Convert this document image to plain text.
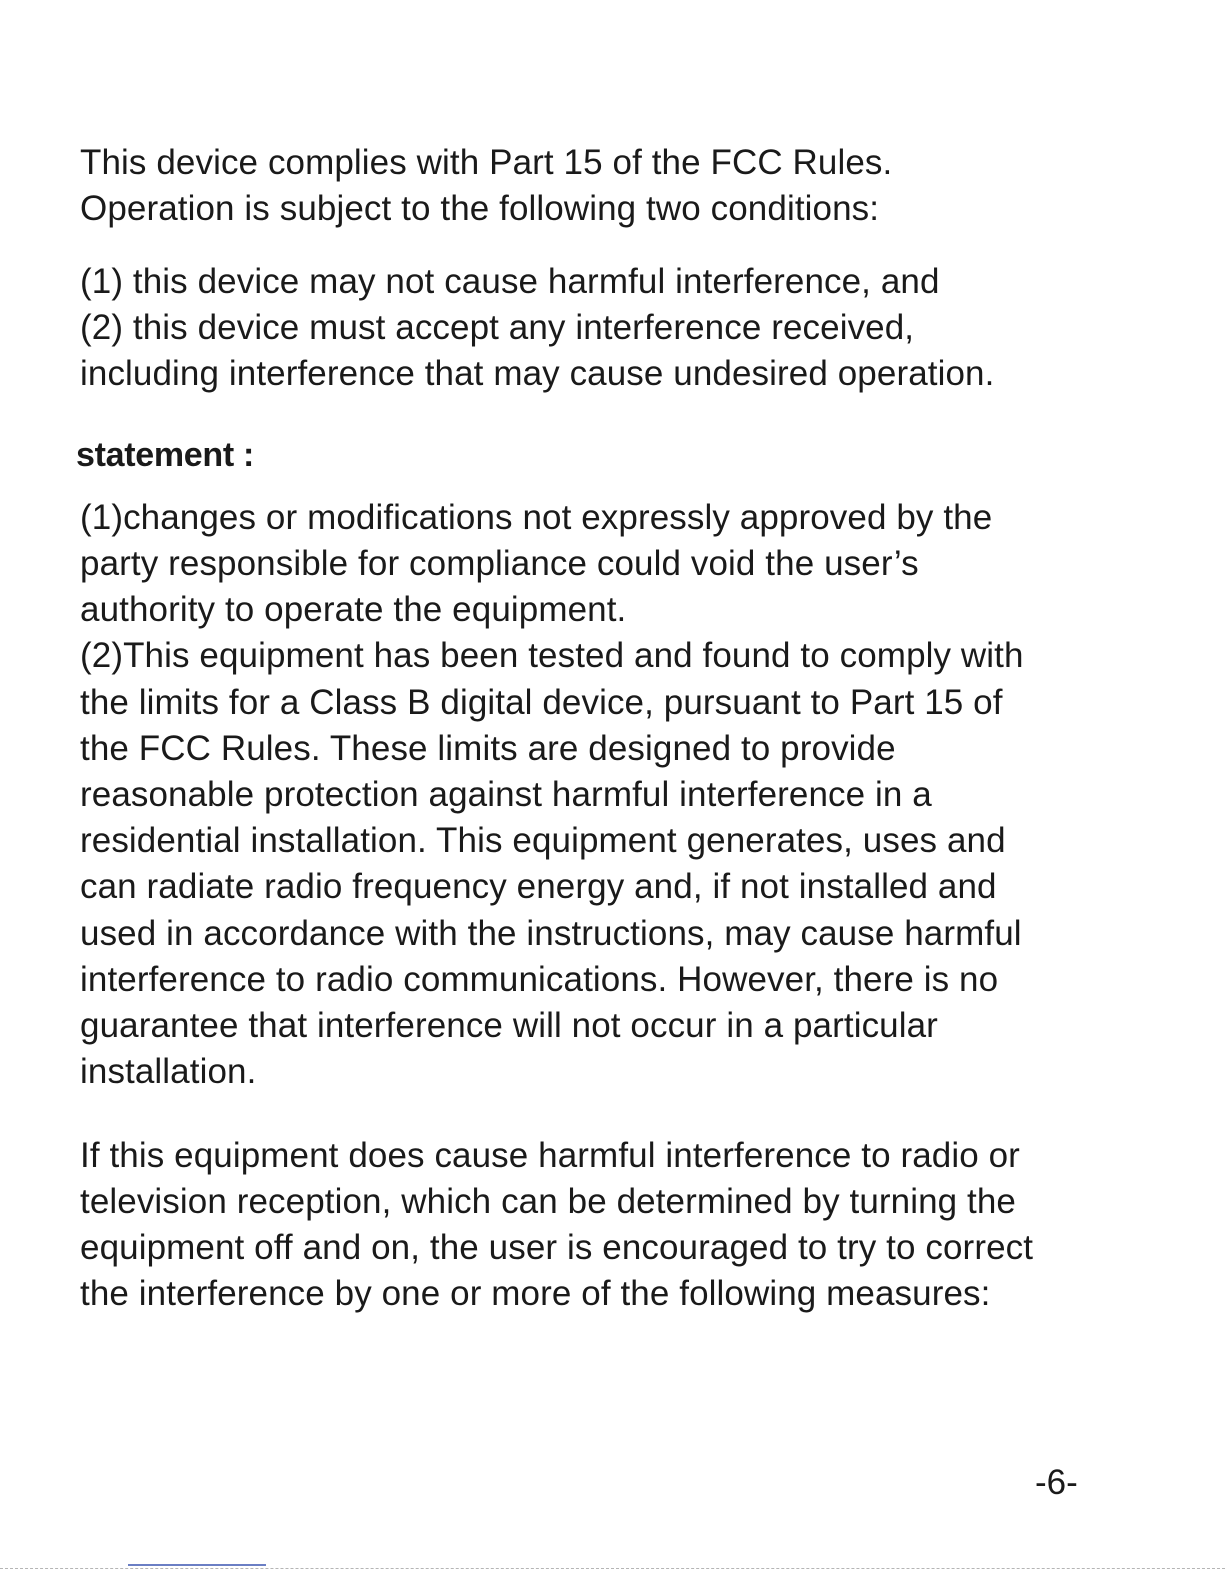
This device complies with Part 15 of the FCC Rules.
Operation is subject to the following two conditions:
(1) this device may not cause harmful interference, and
(2) this device must accept any interference received,
including interference that may cause undesired operation.
statement :
(1)changes or modifications not expressly approved by the
party responsible for compliance could void the user’s
authority to operate the equipment.
(2)This equipment has been tested and found to comply with
the limits for a Class B digital device, pursuant to Part 15 of
the FCC Rules. These limits are designed to provide
reasonable protection against harmful interference in a
residential installation. This equipment generates, uses and
can radiate radio frequency energy and, if not installed and
used in accordance with the instructions, may cause harmful
interference to radio communications. However, there is no
guarantee that interference will not occur in a particular
installation.
If this equipment does cause harmful interference to radio or
television reception, which can be determined by turning the
equipment off and on, the user is encouraged to try to correct
the interference by one or more of the following measures:
-6-
